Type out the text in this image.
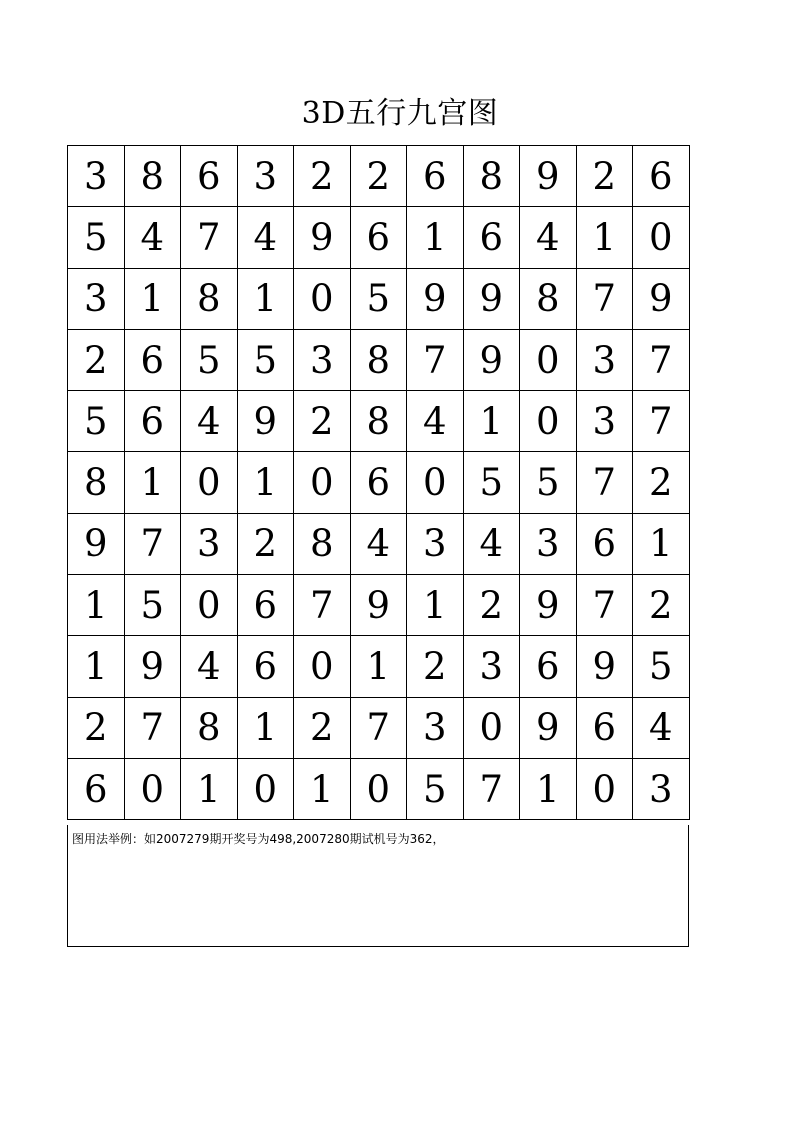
3D五行九宫图
3	8	6	3	2	2	6	8	9	2	6
5	4	7	4	9	6	1	6	4	1	0
3	1	8	1	0	5	9	9	8	7	9
2	6	5	5	3	8	7	9	0	3	7
5	6	4	9	2	8	4	1	0	3	7
8	1	0	1	0	6	0	5	5	7	2
9	7	3	2	8	4	3	4	3	6	1
1	5	0	6	7	9	1	2	9	7	2
1	9	4	6	0	1	2	3	6	9	5
2	7	8	1	2	7	3	0	9	6	4
6	0	1	0	1	0	5	7	1	0	3
图用法举例：如2007279期开奖号为498,2007280期试机号为362，
